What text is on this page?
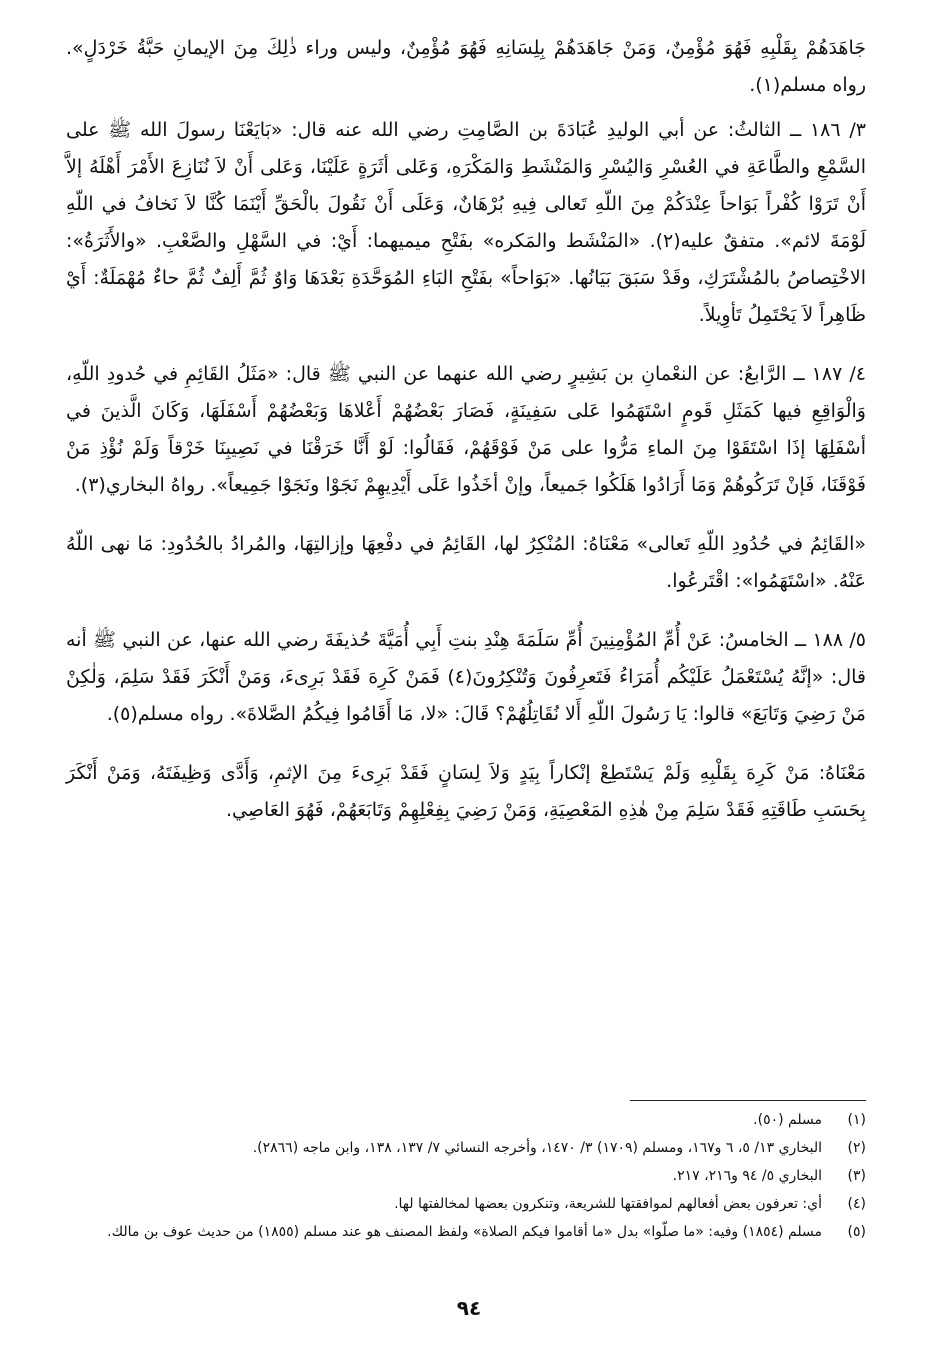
جَاهَدَهُمْ بِقَلْبِهِ فَهُوَ مُؤْمِنٌ، وَمَنْ جَاهَدَهُمْ بِلِسَانِهِ فَهُوَ مُؤْمِنٌ، وليس وراء ذٰلِكَ مِنَ الإيمانِ حَبَّةُ خَرْدَلٍ». رواه مسلم(١).

٣/ ١٨٦ ــ الثالثُ: عن أبي الوليدِ عُبَادَةَ بن الصَّامِتِ رضي الله عنه قال: «بَايَعْنَا رسولَ الله ﷺ على السَّمْعِ والطَّاعَةِ في العُسْرِ وَاليُسْرِ وَالمَنْشَطِ وَالمَكْرَهِ، وَعَلى أثَرَةٍ عَلَيْنَا، وَعَلى أَنْ لاَ نُنَازِعَ الأَمْرَ أَهْلَهُ إلاَّ أَنْ تَرَوْا كُفْراً بَوَاحاً عِنْدَكُمْ مِنَ اللّهِ تَعالى فِيهِ بُرْهَانٌ، وَعَلَى أَنْ نَقُولَ بالْحَقِّ أَيْنَمَا كُنَّا لاَ نَخافُ في اللّهِ لَوْمَةَ لائم». متفقٌ عليه(٢). «المَنْشَط والمَكره» بفَتْحِ ميميهما: أَيْ: في السَّهْلِ والصَّعْبِ. «والأَثَرَةُ»: الاخْتِصاصُ بالمُشْتَرَكِ، وقَدْ سَبَقَ بَيَانُها. «بَوَاحاً» بفَتْحِ البَاءِ المُوَحَّدَةِ بَعْدَهَا وَاوٌ ثُمَّ أَلِفٌ ثُمَّ حاءٌ مُهْمَلَةٌ: أَيْ ظَاهِراً لاَ يَحْتَمِلُ تَأوِيلاً.

٤/ ١٨٧ ــ الرَّابعُ: عن النعْمانِ بن بَشِيرٍ رضي الله عنهما عن النبي ﷺ قال: «مَثَلُ القَائِمِ في حُدودِ اللّهِ، وَالْوَاقِعِ فيها كَمَثَلِ قَومٍ اسْتَهَمُوا عَلى سَفِينَةٍ، فَصَارَ بَعْضُهُمْ أَعْلاهَا وَبَعْضُهُمْ أَسْفَلَهَا، وَكَانَ الَّذينَ في أسْفَلِهَا إذَا اسْتَقَوْا مِنَ الماءِ مَرُّوا على مَنْ فَوْقَهُمْ، فَقَالُوا: لَوْ أَنَّا خَرَقْنَا في نَصِيبِنَا خَرْقاً وَلَمْ نُؤْذِ مَنْ فَوْقَنَا، فَإنْ تَرَكُوهُمْ وَمَا أَرَادُوا هَلَكُوا جَميعاً، وإنْ أخَذُوا عَلَى أَيْدِيهِمْ نَجَوْا ونَجَوْا جَمِيعاً». رواهُ البخاري(٣).

«القَائِمُ في حُدُودِ اللّهِ تَعالى» مَعْنَاهُ: المُنْكِرُ لها، القَائِمُ في دفْعِهَا وإزالتِهَا، والمُرادُ بالحُدُودِ: مَا نهى اللّهُ عَنْهُ. «اسْتَهَمُوا»: اقْتَرعُوا.

٥/ ١٨٨ ــ الخامسُ: عَنْ أُمِّ المُؤْمِنِينَ أُمِّ سَلَمَةَ هِنْدِ بنتِ أَبِي أُمَيَّةَ حُذيفَةَ رضي الله عنها، عن النبي ﷺ أنه قال: «إنَّهُ يُسْتَعْمَلُ عَلَيْكُم أُمَرَاءُ فَتَعرِفُونَ وَتُنْكِرُونَ(٤) فَمَنْ كَرِهَ فَقَدْ بَرِىءَ، وَمَنْ أَنْكَرَ فَقَدْ سَلِمَ، وَلٰكِنْ مَنْ رَضِيَ وَتَابَعَ» قالوا: يَا رَسُولَ اللّهِ أَلا نُقَاتِلُهُمْ؟ قَالَ: «لا، مَا أَقَامُوا فِيكُمُ الصَّلاةَ». رواه مسلم(٥).

مَعْنَاهُ: مَنْ كَرِهَ بِقَلْبِهِ وَلَمْ يَسْتَطِعْ إنْكاراً بِيَدٍ وَلاَ لِسَانٍ فَقَدْ بَرِىءَ مِنَ الإثمِ، وَأَدَّى وَظِيفَتَهُ، وَمَنْ أَنْكَرَ بِحَسَبِ طَاقَتِهِ فَقَدْ سَلِمَ مِنْ هٰذِهِ المَعْصِيَةِ، وَمَنْ رَضِيَ بِفِعْلِهِمْ وَتَابَعَهُمْ، فَهُوَ العَاصِي.

(١)
مسلم (٥٠).
(٢)
البخاري ١٣/ ٥، ٦ و١٦٧، ومسلم (١٧٠٩) ٣/ ١٤٧٠، وأخرجه النسائي ٧/ ١٣٧، ١٣٨، وابن ماجه (٢٨٦٦).
(٣)
البخاري ٥/ ٩٤ و٢١٦، ٢١٧.
(٤)
أي: تعرفون بعض أفعالهم لموافقتها للشريعة، وتنكرون بعضها لمخالفتها لها.
(٥)
مسلم (١٨٥٤) وفيه: «ما صلّوا» بدل «ما أقاموا فيكم الصلاة» ولفظ المصنف هو عند مسلم (١٨٥٥) من حديث عوف بن مالك.
٩٤
